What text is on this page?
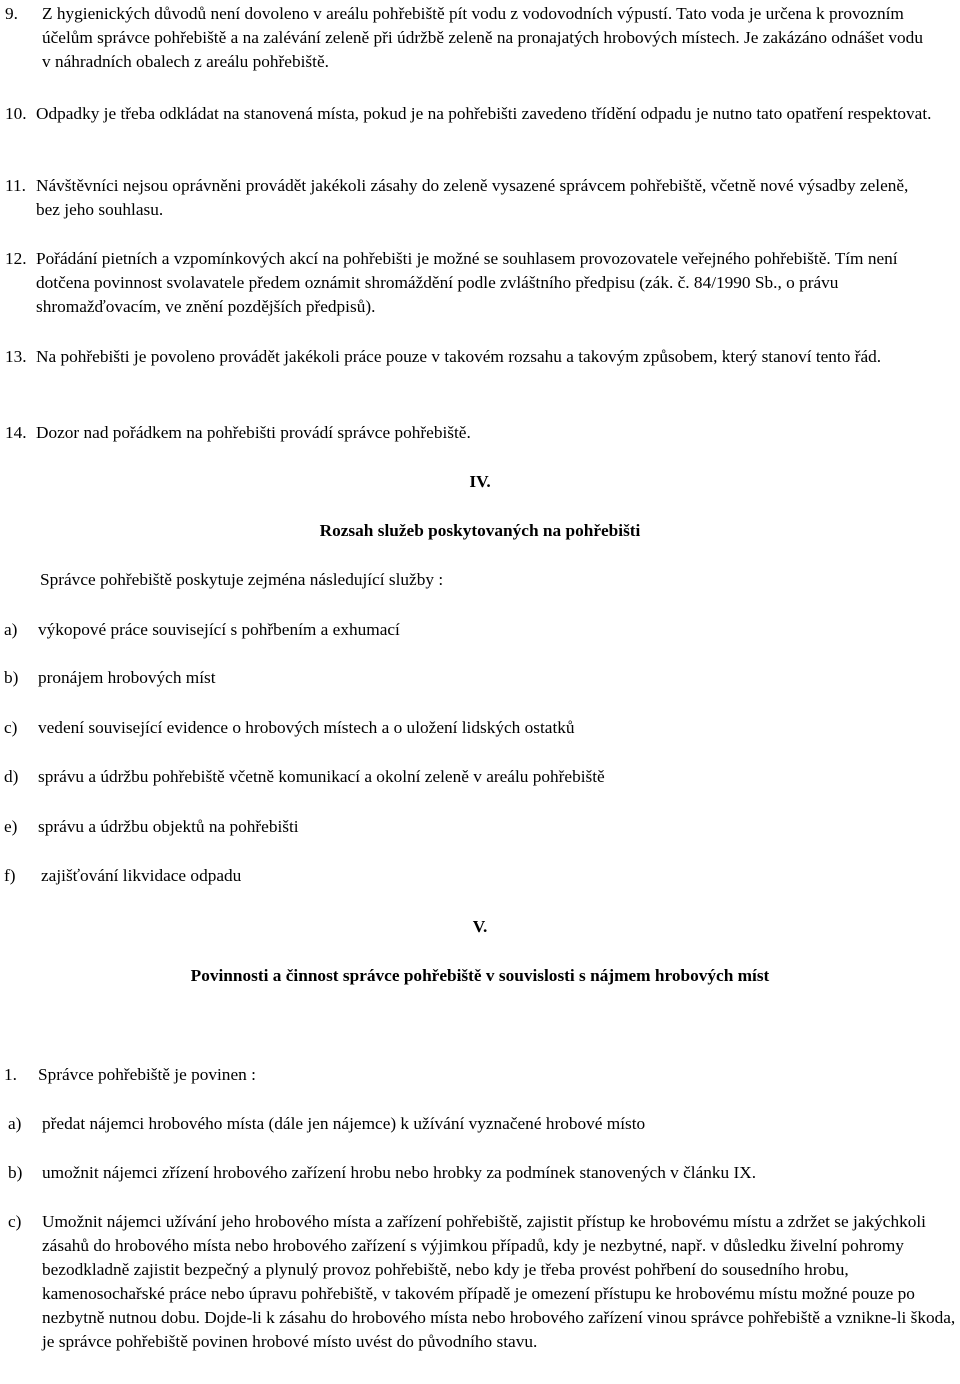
9. Z hygienických důvodů není dovoleno v areálu pohřebiště pít vodu z vodovodních výpustí. Tato voda je určena k provozním účelům správce pohřebiště a na zalévání zeleně při údržbě zeleně na pronajatých hrobových místech. Je zakázáno odnášet vodu v náhradních obalech z areálu pohřebiště.
10. Odpadky je třeba odkládat na stanovená místa, pokud je na pohřebišti zavedeno třídění odpadu je nutno tato opatření respektovat.
11. Návštěvníci nejsou oprávněni provádět jakékoli zásahy do zeleně vysazené správcem pohřebiště, včetně nové výsadby zeleně, bez jeho souhlasu.
12. Pořádání pietních a vzpomínkových akcí na pohřebišti je možné se souhlasem provozovatele veřejného pohřebiště. Tím není dotčena povinnost svolavatele předem oznámit shromáždění podle zvláštního předpisu (zák. č. 84/1990 Sb., o právu shromažďovacím, ve znění pozdějších předpisů).
13. Na pohřebišti je povoleno provádět jakékoli práce pouze v takovém rozsahu a takovým způsobem, který stanoví tento řád.
14. Dozor nad pořádkem na pohřebišti provádí správce pohřebiště.
IV.
Rozsah služeb poskytovaných na pohřebišti
Správce pohřebiště poskytuje zejména následující služby :
a) výkopové práce související s pohřbením a exhumací
b) pronájem hrobových míst
c) vedení související evidence o hrobových místech a o uložení lidských ostatků
d) správu a údržbu pohřebiště včetně komunikací a okolní zeleně v areálu pohřebiště
e) správu a údržbu objektů na pohřebišti
f) zajišťování likvidace odpadu
V.
Povinnosti a činnost správce pohřebiště v souvislosti s nájmem hrobových míst
1. Správce pohřebiště je povinen :
a) předat nájemci hrobového místa (dále jen nájemce) k užívání vyznačené hrobové místo
b) umožnit nájemci zřízení hrobového zařízení hrobu nebo hrobky za podmínek stanovených v článku IX.
c) Umožnit nájemci užívání jeho hrobového místa a zařízení pohřebiště, zajistit přístup ke hrobovému místu a zdržet se jakýchkoli zásahů do hrobového místa nebo hrobového zařízení s výjimkou případů, kdy je nezbytné, např. v důsledku živelní pohromy bezodkladně zajistit bezpečný a plynulý provoz pohřebiště, nebo kdy je třeba provést pohřbení do sousedního hrobu, kamenosochařské práce nebo úpravu pohřebiště, v takovém případě je omezení přístupu ke hrobovému místu možné pouze po nezbytně nutnou dobu. Dojde-li k zásahu do hrobového místa nebo hrobového zařízení vinou správce pohřebiště a vznikne-li škoda, je správce pohřebiště povinen hrobové místo uvést do původního stavu.
